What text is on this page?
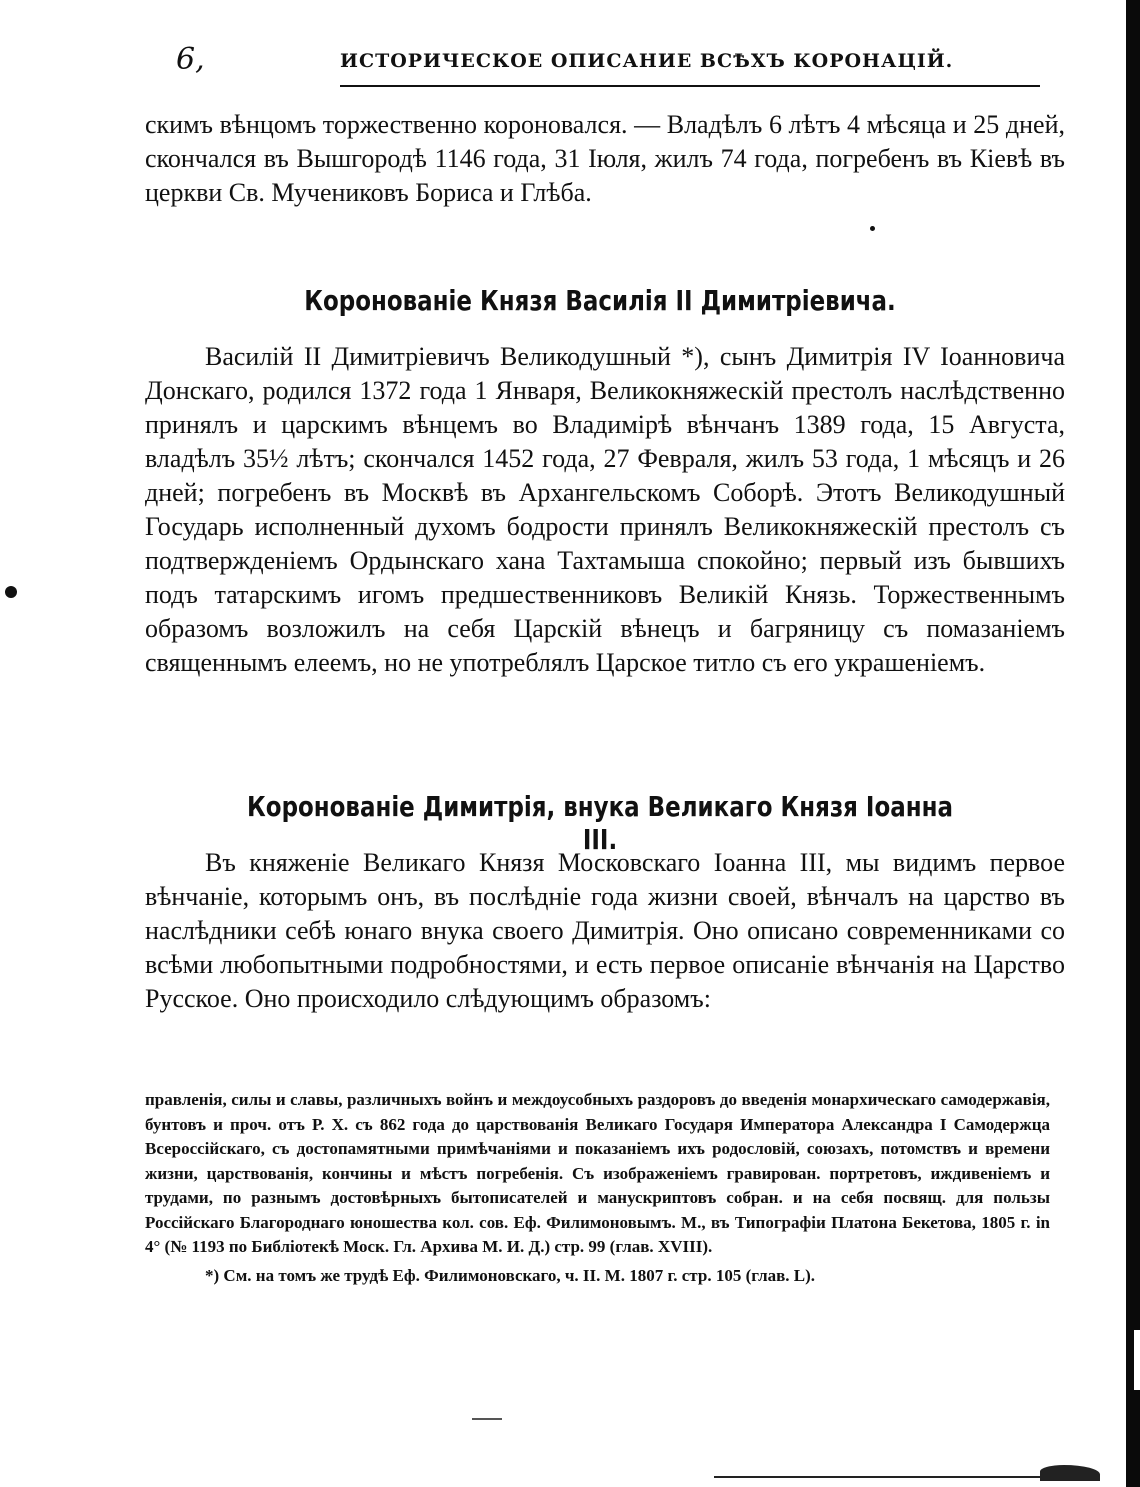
6,	ИСТОРИЧЕСКОЕ ОПИСАНИЕ ВСѢХЪ КОРОНАЦІЙ.

скимъ вѣнцомъ торжественно короновался. — Владѣлъ 6 лѣтъ 4 мѣсяца и 25 дней, скончался въ Вышгородѣ 1146 года, 31 Іюля, жилъ 74 года, погребенъ въ Кіевѣ въ церкви Св. Мучениковъ Бориса и Глѣба.

Коронованіе Князя Василія II Димитріевича.

Василій II Димитріевичъ Великодушный *), сынъ Димитрія IV Іоанновича Донскаго, родился 1372 года 1 Января, Великокняжескій престолъ наслѣдственно принялъ и царскимъ вѣнцемъ во Владимірѣ вѣнчанъ 1389 года, 15 Августа, владѣлъ 35½ лѣтъ; скончался 1452 года, 27 Февраля, жилъ 53 года, 1 мѣсяцъ и 26 дней; погребенъ въ Москвѣ въ Архангельскомъ Соборѣ. Этотъ Великодушный Государь исполненный духомъ бодрости принялъ Великокняжескій престолъ съ подтвержденіемъ Ордынскаго хана Тахтамыша спокойно; первый изъ бывшихъ подъ татарскимъ игомъ предшественниковъ Великій Князь. Торжественнымъ образомъ возложилъ на себя Царскій вѣнецъ и багряницу съ помазаніемъ священнымъ елеемъ, но не употреблялъ Царское титло съ его украшеніемъ.

Коронованіе Димитрія, внука Великаго Князя Іоанна III.

Въ княженіе Великаго Князя Московскаго Іоанна III, мы видимъ первое вѣнчаніе, которымъ онъ, въ послѣдніе года жизни своей, вѣнчалъ на царство въ наслѣдники себѣ юнаго внука своего Димитрія. Оно описано современниками со всѣми любопытными подробностями, и есть первое описаніе вѣнчанія на Царство Русское. Оно происходило слѣдующимъ образомъ:

правленія, силы и славы, различныхъ войнъ и междоусобныхъ раздоровъ до введенія монархическаго самодержавія, бунтовъ и проч. отъ Р. Х. съ 862 года до царствованія Великаго Государя Императора Александра I Самодержца Всероссійскаго, съ достопамятными примѣчаніями и показаніемъ ихъ родословій, союзахъ, потомствъ и времени жизни, царствованія, кончины и мѣстъ погребенія. Съ изображеніемъ гравирован. портретовъ, иждивеніемъ и трудами, по разнымъ достовѣрныхъ бытописателей и манускриптовъ собран. и на себя посвящ. для пользы Россійскаго Благороднаго юношества кол. сов. Еф. Филимоновымъ. М., въ Типографіи Платона Бекетова, 1805 г. in 4° (№ 1193 по Библіотекѣ Моск. Гл. Архива М. И. Д.) стр. 99 (глав. XVIII).

*) См. на томъ же трудѣ Еф. Филимоновскаго, ч. II. М. 1807 г. стр. 105 (глав. L).
